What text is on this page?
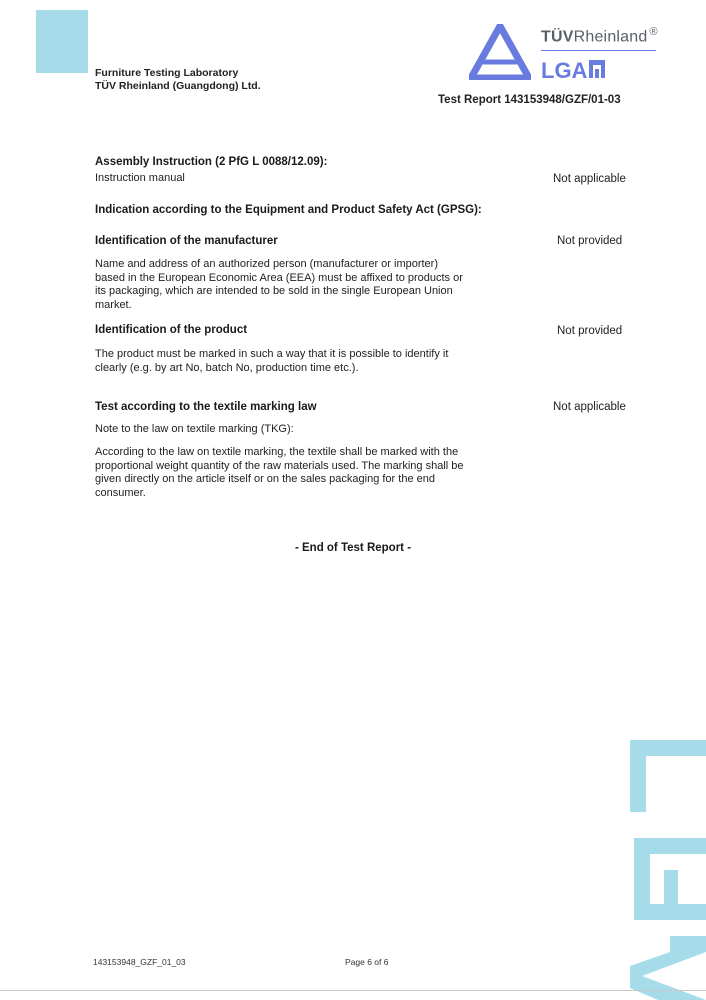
Furniture Testing Laboratory
TÜV Rheinland (Guangdong) Ltd.
TÜVRheinland ®
LGA
Test Report 143153948/GZF/01-03
Assembly Instruction (2 PfG L 0088/12.09):
Instruction manual	Not applicable
Indication according to the Equipment and Product Safety Act (GPSG):
Identification of the manufacturer	Not provided
Name and address of an authorized person (manufacturer or importer)
based in the European Economic Area (EEA) must be affixed to products or
its packaging, which are intended to be sold in the single European Union
market.
Identification of the product	Not provided
The product must be marked in such a way that it is possible to identify it
clearly (e.g. by art No, batch No, production time etc.).
Test according to the textile marking law	Not applicable
Note to the law on textile marking (TKG):
According to the law on textile marking, the textile shall be marked with the
proportional weight quantity of the raw materials used. The marking shall be
given directly on the article itself or on the sales packaging for the end
consumer.
- End of Test Report -
143153948_GZF_01_03	Page 6 of 6
